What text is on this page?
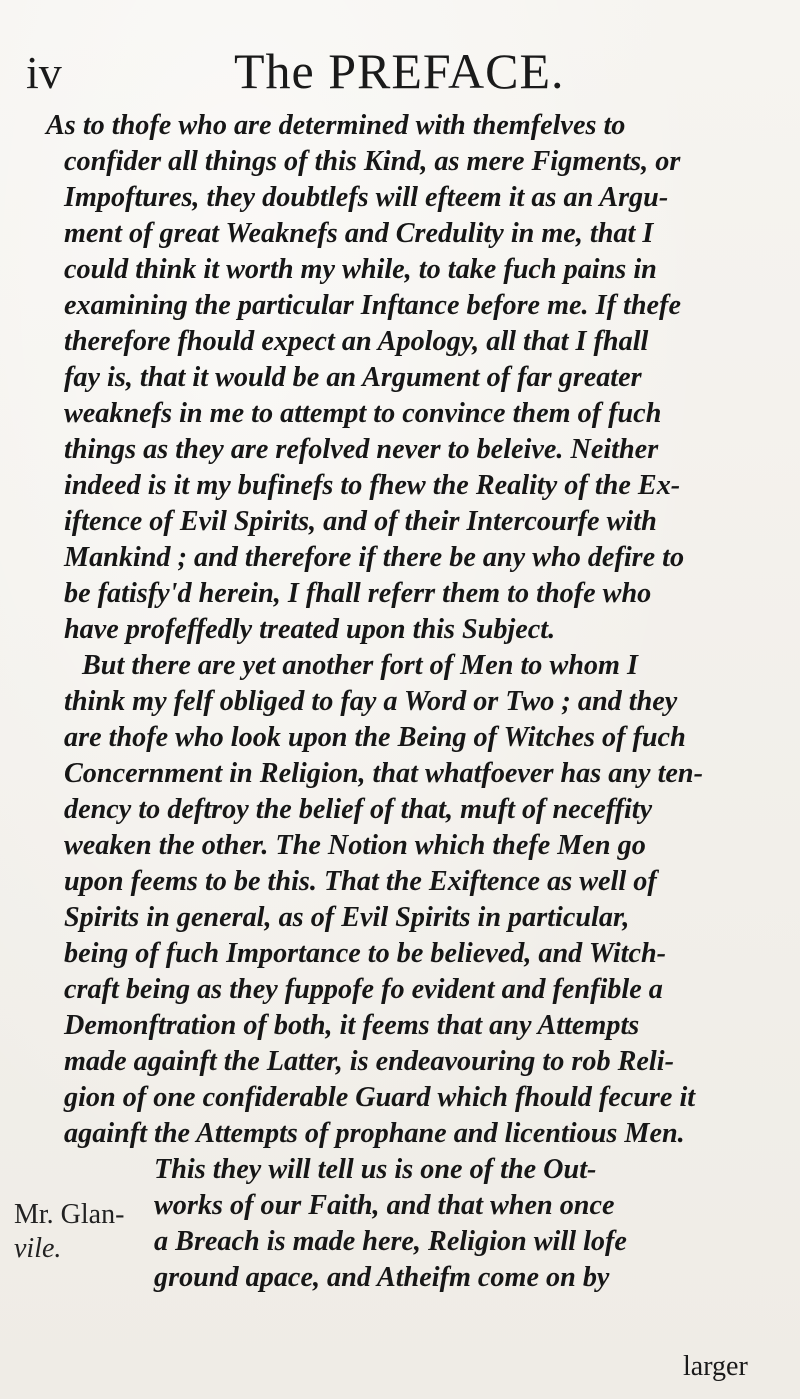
iv	The PREFACE.
As to thofe who are determined with themfelves to
confider all things of this Kind, as mere Figments, or
Impoftures, they doubtlefs will efteem it as an Argu-
ment of great Weaknefs and Credulity in me, that I
could think it worth my while, to take fuch pains in
examining the particular Inftance before me. If thefe
therefore fhould expect an Apology, all that I fhall
fay is, that it would be an Argument of far greater
weaknefs in me to attempt to convince them of fuch
things as they are refolved never to beleive. Neither
indeed is it my bufinefs to fhew the Reality of the Ex-
iftence of Evil Spirits, and of their Intercourfe with
Mankind ; and therefore if there be any who defire to
be fatisfy'd herein, I fhall referr them to thofe who
have profeffedly treated upon this Subject.
But there are yet another fort of Men to whom I
think my felf obliged to fay a Word or Two ; and they
are thofe who look upon the Being of Witches of fuch
Concernment in Religion, that whatfoever has any ten-
dency to deftroy the belief of that, muft of neceffity
weaken the other. The Notion which thefe Men go
upon feems to be this. That the Exiftence as well of
Spirits in general, as of Evil Spirits in particular,
being of fuch Importance to be believed, and Witch-
craft being as they fuppofe fo evident and fenfible a
Demonftration of both, it feems that any Attempts
made againft the Latter, is endeavouring to rob Reli-
gion of one confiderable Guard which fhould fecure it
againft the Attempts of prophane and licentious Men.
This they will tell us is one of the Out-
works of our Faith, and that when once
a Breach is made here, Religion will lofe
ground apace, and Atheifm come on by
Mr. Glan-
vile.
larger
